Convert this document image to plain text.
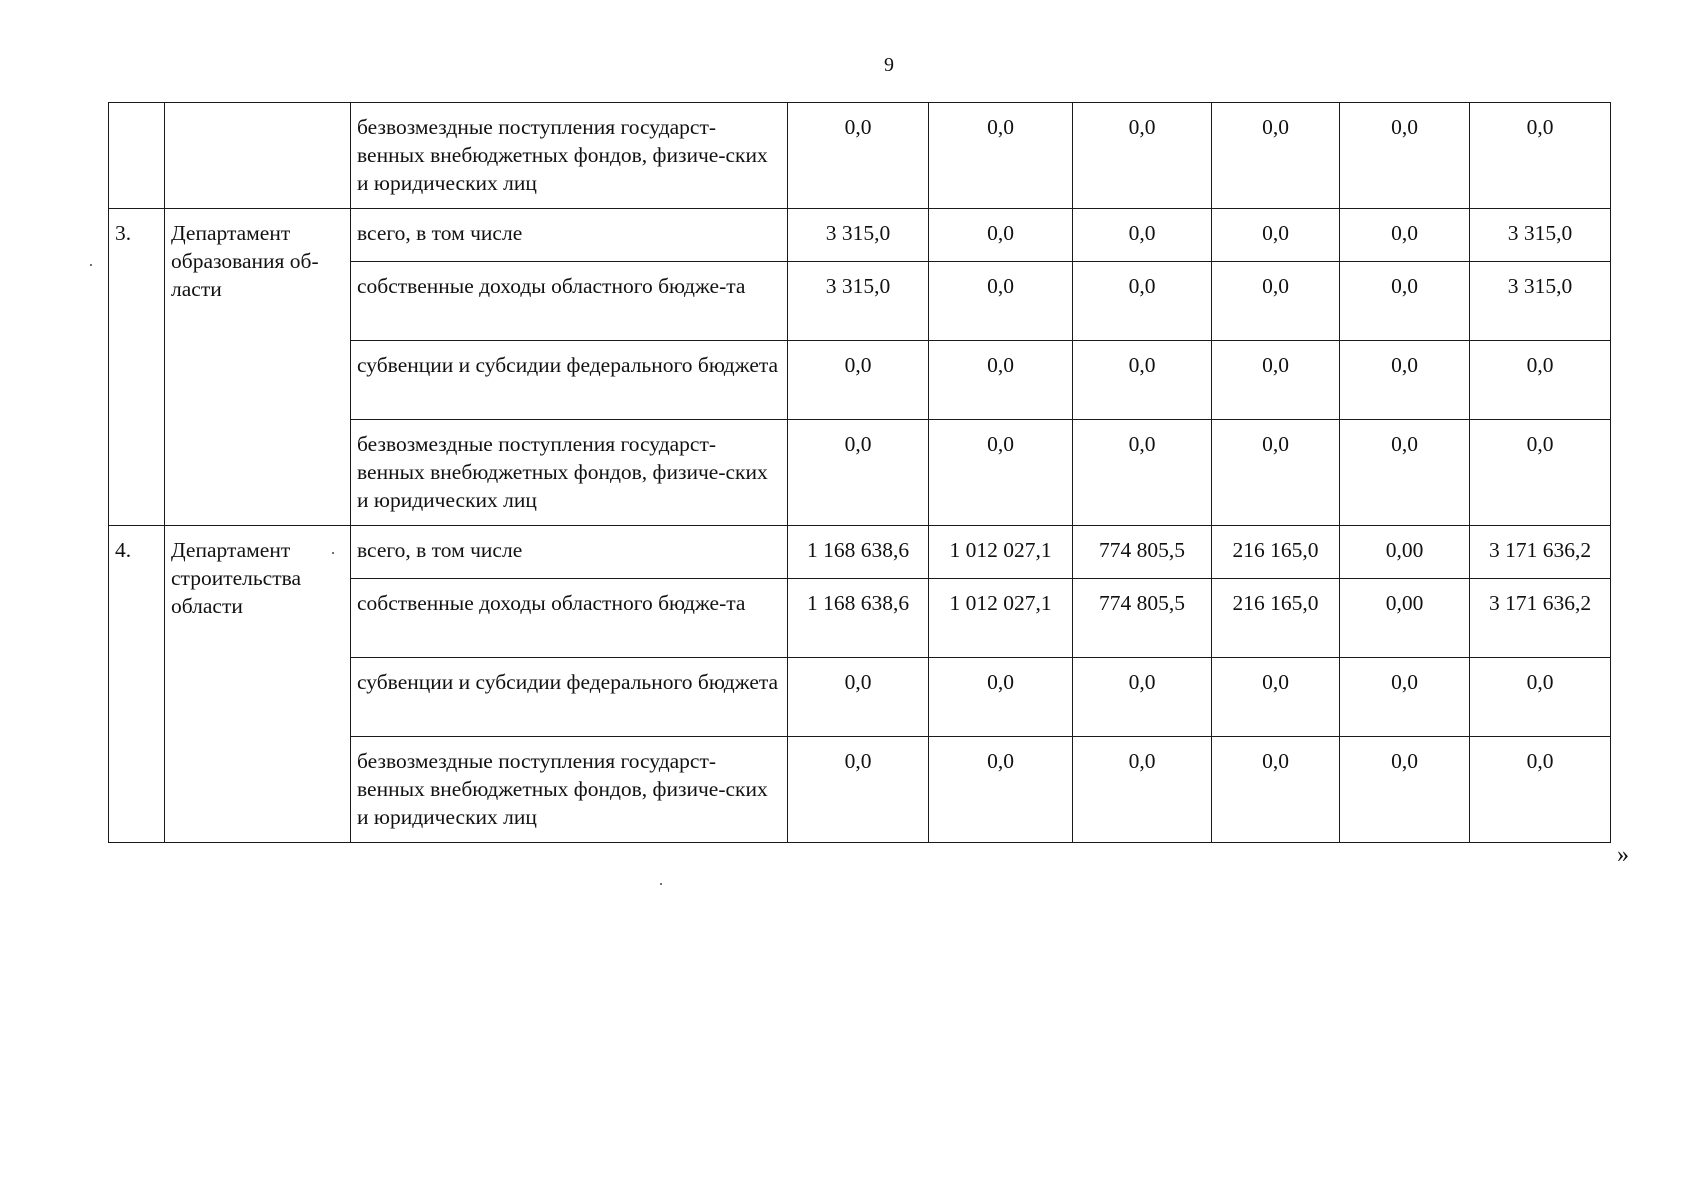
9
		безвозмездные поступления государст-венных внебюджетных фондов, физиче-ских и юридических лиц	0,0	0,0	0,0	0,0	0,0	0,0
3.	Департамент образования об-ласти	всего, в том числе	3 315,0	0,0	0,0	0,0	0,0	3 315,0
		собственные доходы областного бюдже-та	3 315,0	0,0	0,0	0,0	0,0	3 315,0
		субвенции и субсидии федерального бюджета	0,0	0,0	0,0	0,0	0,0	0,0
		безвозмездные поступления государст-венных внебюджетных фондов, физиче-ских и юридических лиц	0,0	0,0	0,0	0,0	0,0	0,0
4.	Департамент строительства области	всего, в том числе	1 168 638,6	1 012 027,1	774 805,5	216 165,0	0,00	3 171 636,2
		собственные доходы областного бюдже-та	1 168 638,6	1 012 027,1	774 805,5	216 165,0	0,00	3 171 636,2
		субвенции и субсидии федерального бюджета	0,0	0,0	0,0	0,0	0,0	0,0
		безвозмездные поступления государст-венных внебюджетных фондов, физиче-ских и юридических лиц	0,0	0,0	0,0	0,0	0,0	0,0
»
